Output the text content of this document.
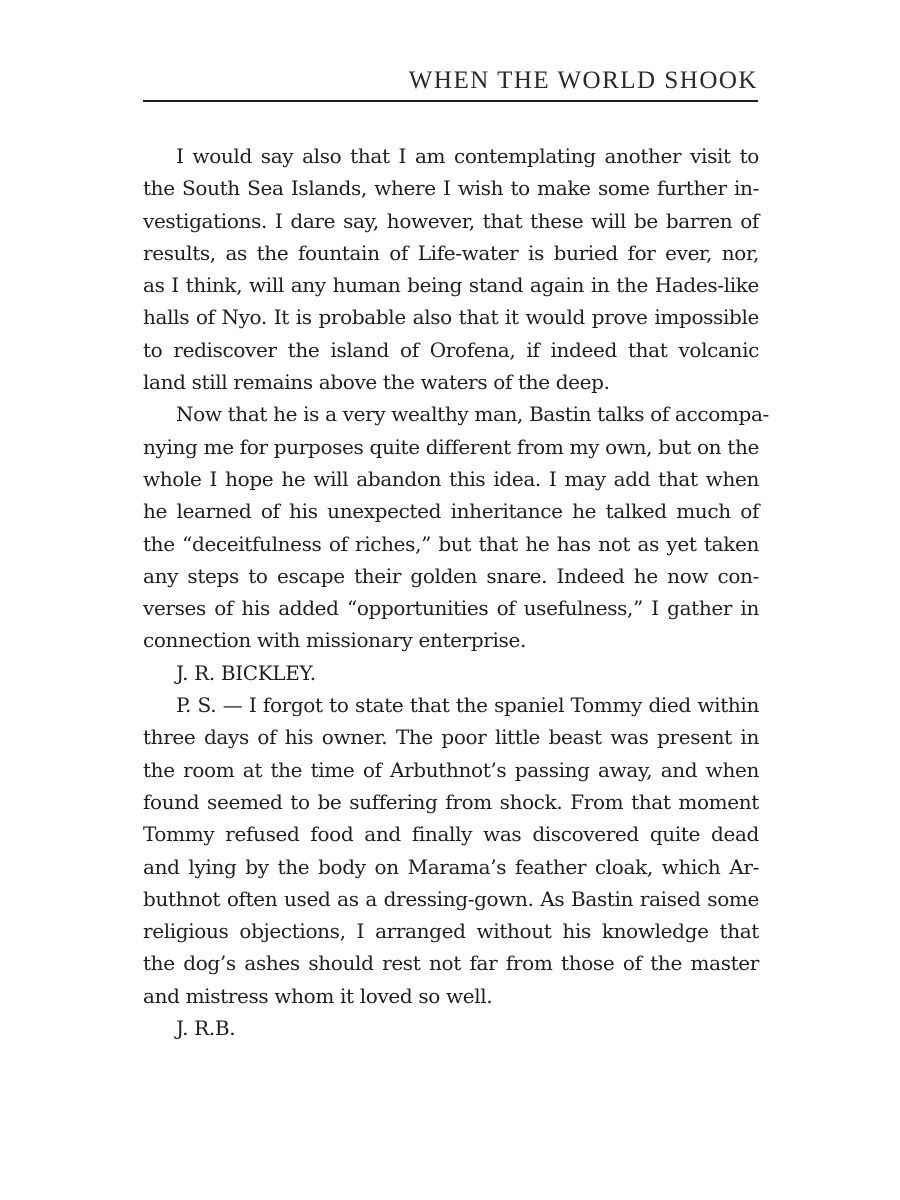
WHEN THE WORLD SHOOK
I would say also that I am contemplating another visit to
the South Sea Islands, where I wish to make some further in-
vestigations. I dare say, however, that these will be barren of
results, as the fountain of Life-water is buried for ever, nor,
as I think, will any human being stand again in the Hades-like
halls of Nyo. It is probable also that it would prove impossible
to rediscover the island of Orofena, if indeed that volcanic
land still remains above the waters of the deep.
Now that he is a very wealthy man, Bastin talks of accompa-
nying me for purposes quite different from my own, but on the
whole I hope he will abandon this idea. I may add that when
he learned of his unexpected inheritance he talked much of
the “deceitfulness of riches,” but that he has not as yet taken
any steps to escape their golden snare. Indeed he now con-
verses of his added “opportunities of usefulness,” I gather in
connection with missionary enterprise.
J. R. BICKLEY.
P. S. — I forgot to state that the spaniel Tommy died within
three days of his owner. The poor little beast was present in
the room at the time of Arbuthnot’s passing away, and when
found seemed to be suffering from shock. From that moment
Tommy refused food and finally was discovered quite dead
and lying by the body on Marama’s feather cloak, which Ar-
buthnot often used as a dressing-gown. As Bastin raised some
religious objections, I arranged without his knowledge that
the dog’s ashes should rest not far from those of the master
and mistress whom it loved so well.
J. R.B.
